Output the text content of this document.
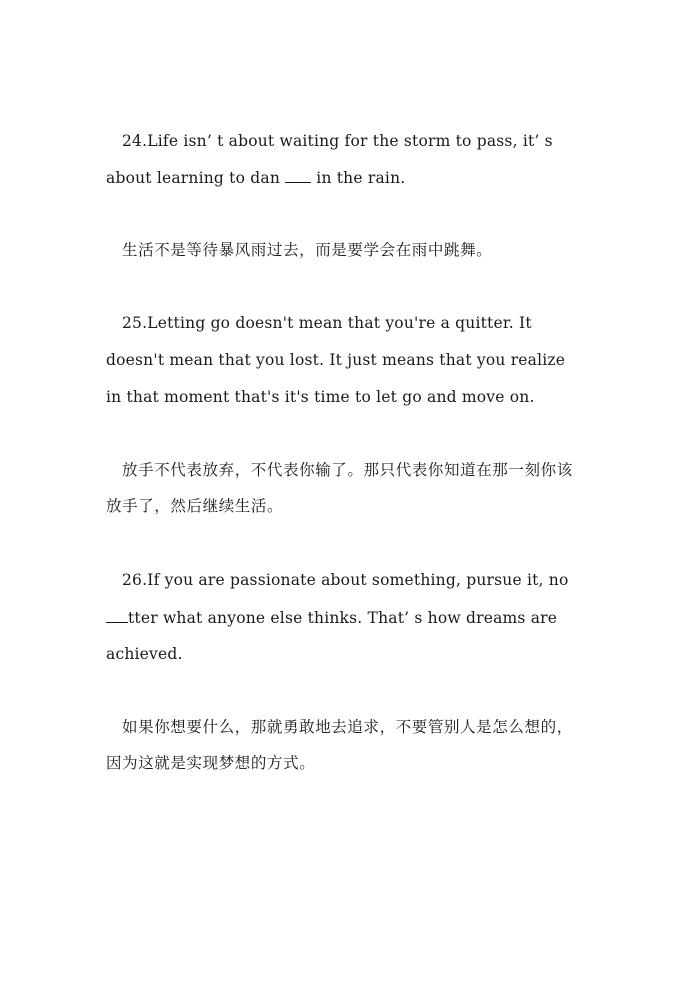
24.Life isn’ t about waiting for the storm to pass, it’ s
about learning to dan  in the rain.
生活不是等待暴风雨过去，而是要学会在雨中跳舞。
25.Letting go doesn't mean that you're a quitter. It
doesn't mean that you lost. It just means that you realize
in that moment that's it's time to let go and move on.
放手不代表放弃，不代表你输了。那只代表你知道在那一刻你该
放手了，然后继续生活。
26.If you are passionate about something, pursue it, no
tter what anyone else thinks. That’ s how dreams are
achieved.
如果你想要什么，那就勇敢地去追求，不要管别人是怎么想的，
因为这就是实现梦想的方式。
